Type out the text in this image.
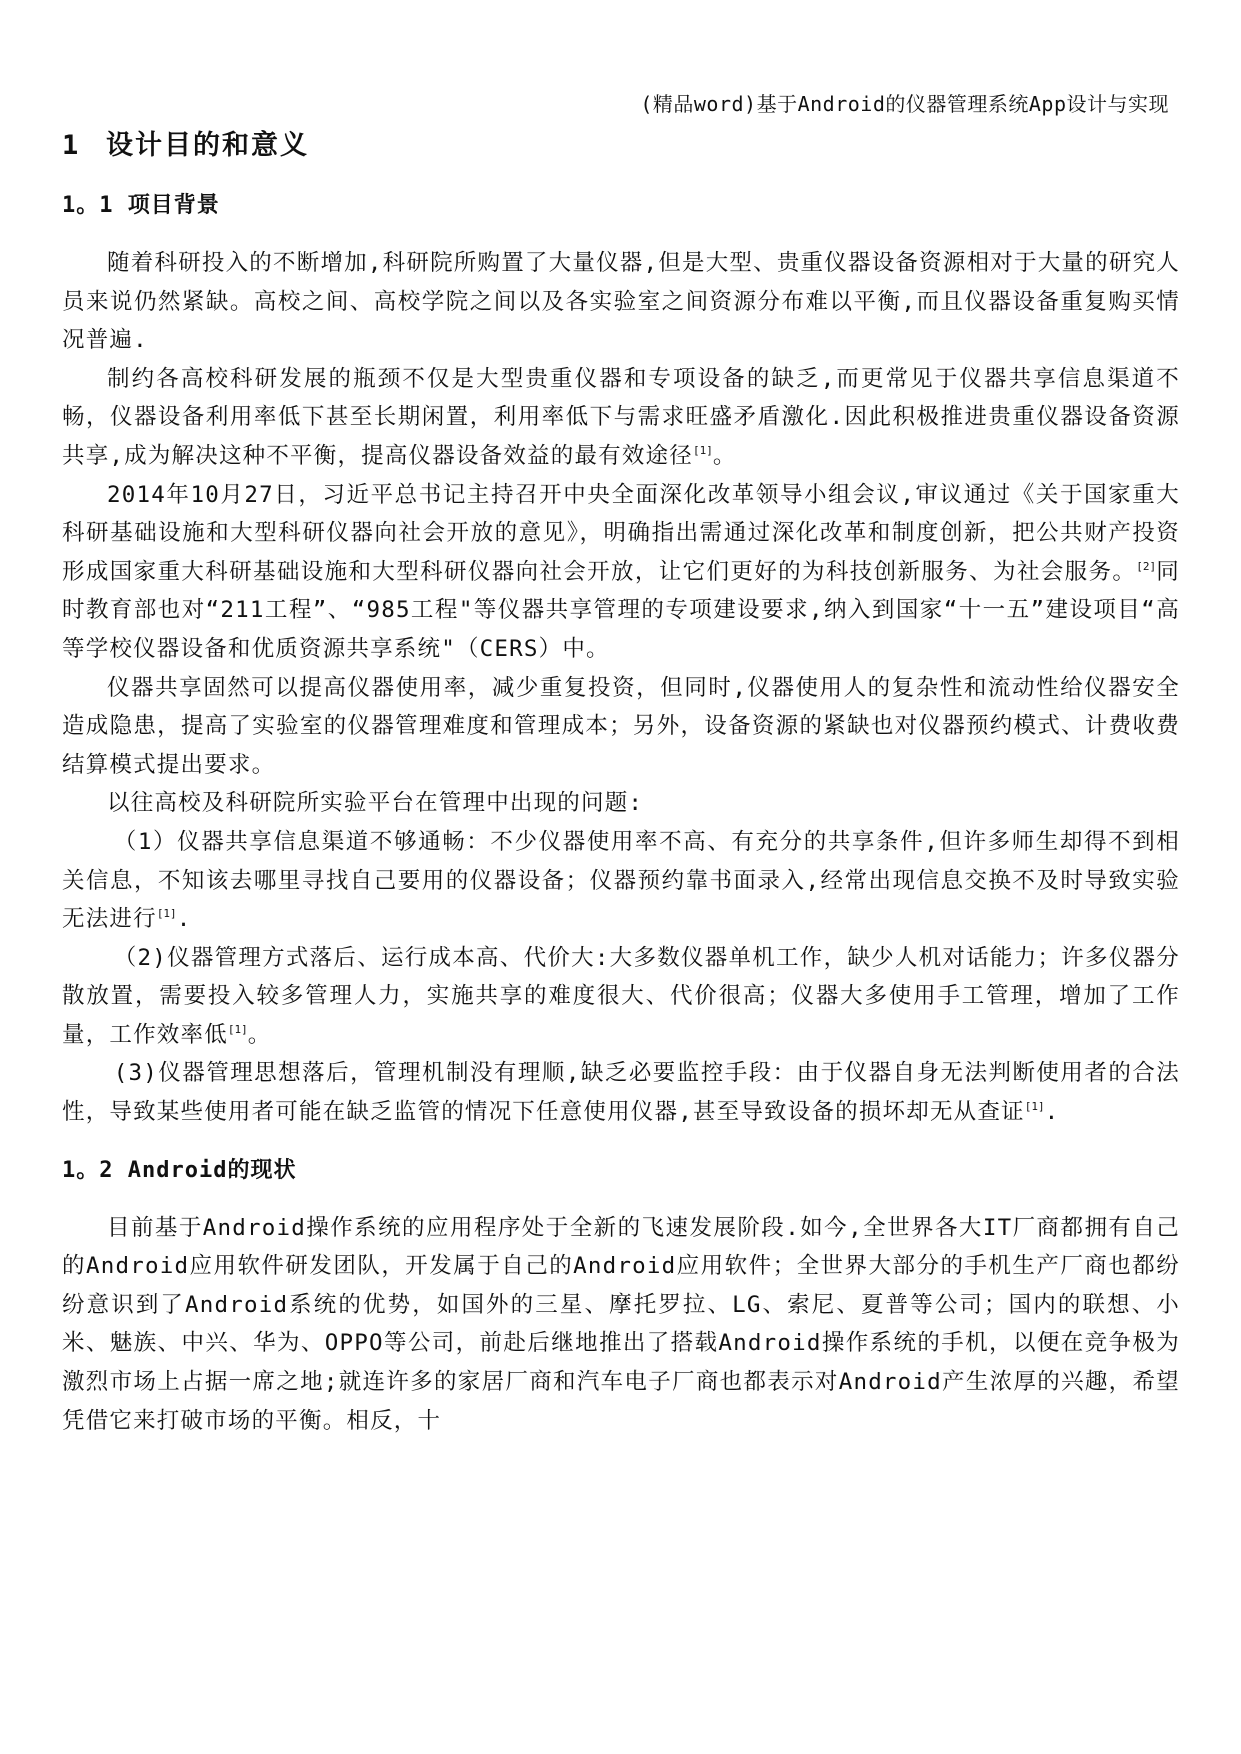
(精品word)基于Android的仪器管理系统App设计与实现
1 设计目的和意义
1。1 项目背景

随着科研投入的不断增加,科研院所购置了大量仪器,但是大型、贵重仪器设备资源相对于大量的研究人员来说仍然紧缺。高校之间、高校学院之间以及各实验室之间资源分布难以平衡,而且仪器设备重复购买情况普遍.

制约各高校科研发展的瓶颈不仅是大型贵重仪器和专项设备的缺乏,而更常见于仪器共享信息渠道不畅，仪器设备利用率低下甚至长期闲置，利用率低下与需求旺盛矛盾激化.因此积极推进贵重仪器设备资源共享,成为解决这种不平衡，提高仪器设备效益的最有效途径[1]。

2014年10月27日，习近平总书记主持召开中央全面深化改革领导小组会议,审议通过《关于国家重大科研基础设施和大型科研仪器向社会开放的意见》，明确指出需通过深化改革和制度创新，把公共财产投资形成国家重大科研基础设施和大型科研仪器向社会开放，让它们更好的为科技创新服务、为社会服务。[2]同时教育部也对“211工程”、“985工程"等仪器共享管理的专项建设要求,纳入到国家“十一五”建设项目“高等学校仪器设备和优质资源共享系统"（CERS）中。

仪器共享固然可以提高仪器使用率，减少重复投资，但同时,仪器使用人的复杂性和流动性给仪器安全造成隐患，提高了实验室的仪器管理难度和管理成本；另外，设备资源的紧缺也对仪器预约模式、计费收费结算模式提出要求。

以往高校及科研院所实验平台在管理中出现的问题:

（1）仪器共享信息渠道不够通畅：不少仪器使用率不高、有充分的共享条件,但许多师生却得不到相关信息，不知该去哪里寻找自己要用的仪器设备；仪器预约靠书面录入,经常出现信息交换不及时导致实验无法进行[1].

（2)仪器管理方式落后、运行成本高、代价大:大多数仪器单机工作，缺少人机对话能力；许多仪器分散放置，需要投入较多管理人力，实施共享的难度很大、代价很高；仪器大多使用手工管理，增加了工作量，工作效率低[1]。

(3)仪器管理思想落后，管理机制没有理顺,缺乏必要监控手段：由于仪器自身无法判断使用者的合法性，导致某些使用者可能在缺乏监管的情况下任意使用仪器,甚至导致设备的损坏却无从查证[1].

1。2 Android的现状

目前基于Android操作系统的应用程序处于全新的飞速发展阶段.如今,全世界各大IT厂商都拥有自己的Android应用软件研发团队，开发属于自己的Android应用软件；全世界大部分的手机生产厂商也都纷纷意识到了Android系统的优势，如国外的三星、摩托罗拉、LG、索尼、夏普等公司；国内的联想、小米、魅族、中兴、华为、OPPO等公司，前赴后继地推出了搭载Android操作系统的手机，以便在竞争极为激烈市场上占据一席之地;就连许多的家居厂商和汽车电子厂商也都表示对Android产生浓厚的兴趣，希望凭借它来打破市场的平衡。相反，十
